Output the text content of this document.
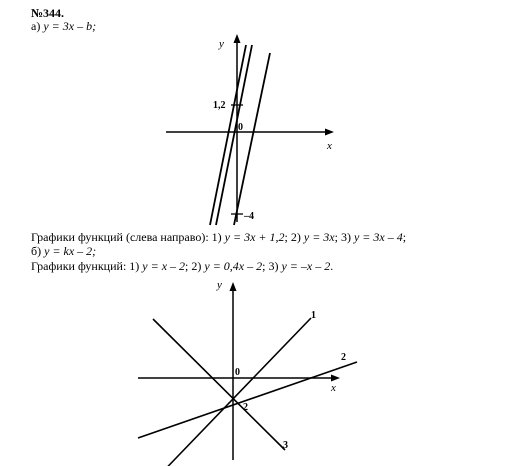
№344.
а) y = 3x – b;
y
x
0
1,2
–4
Графики функций (слева направо): 1) y = 3x + 1,2; 2) y = 3x; 3) y = 3x – 4;
б) y = kx – 2;
Графики функций: 1) y = x – 2; 2) y = 0,4x – 2; 3) y = –x – 2.
y
x
0
2
1
2
3
